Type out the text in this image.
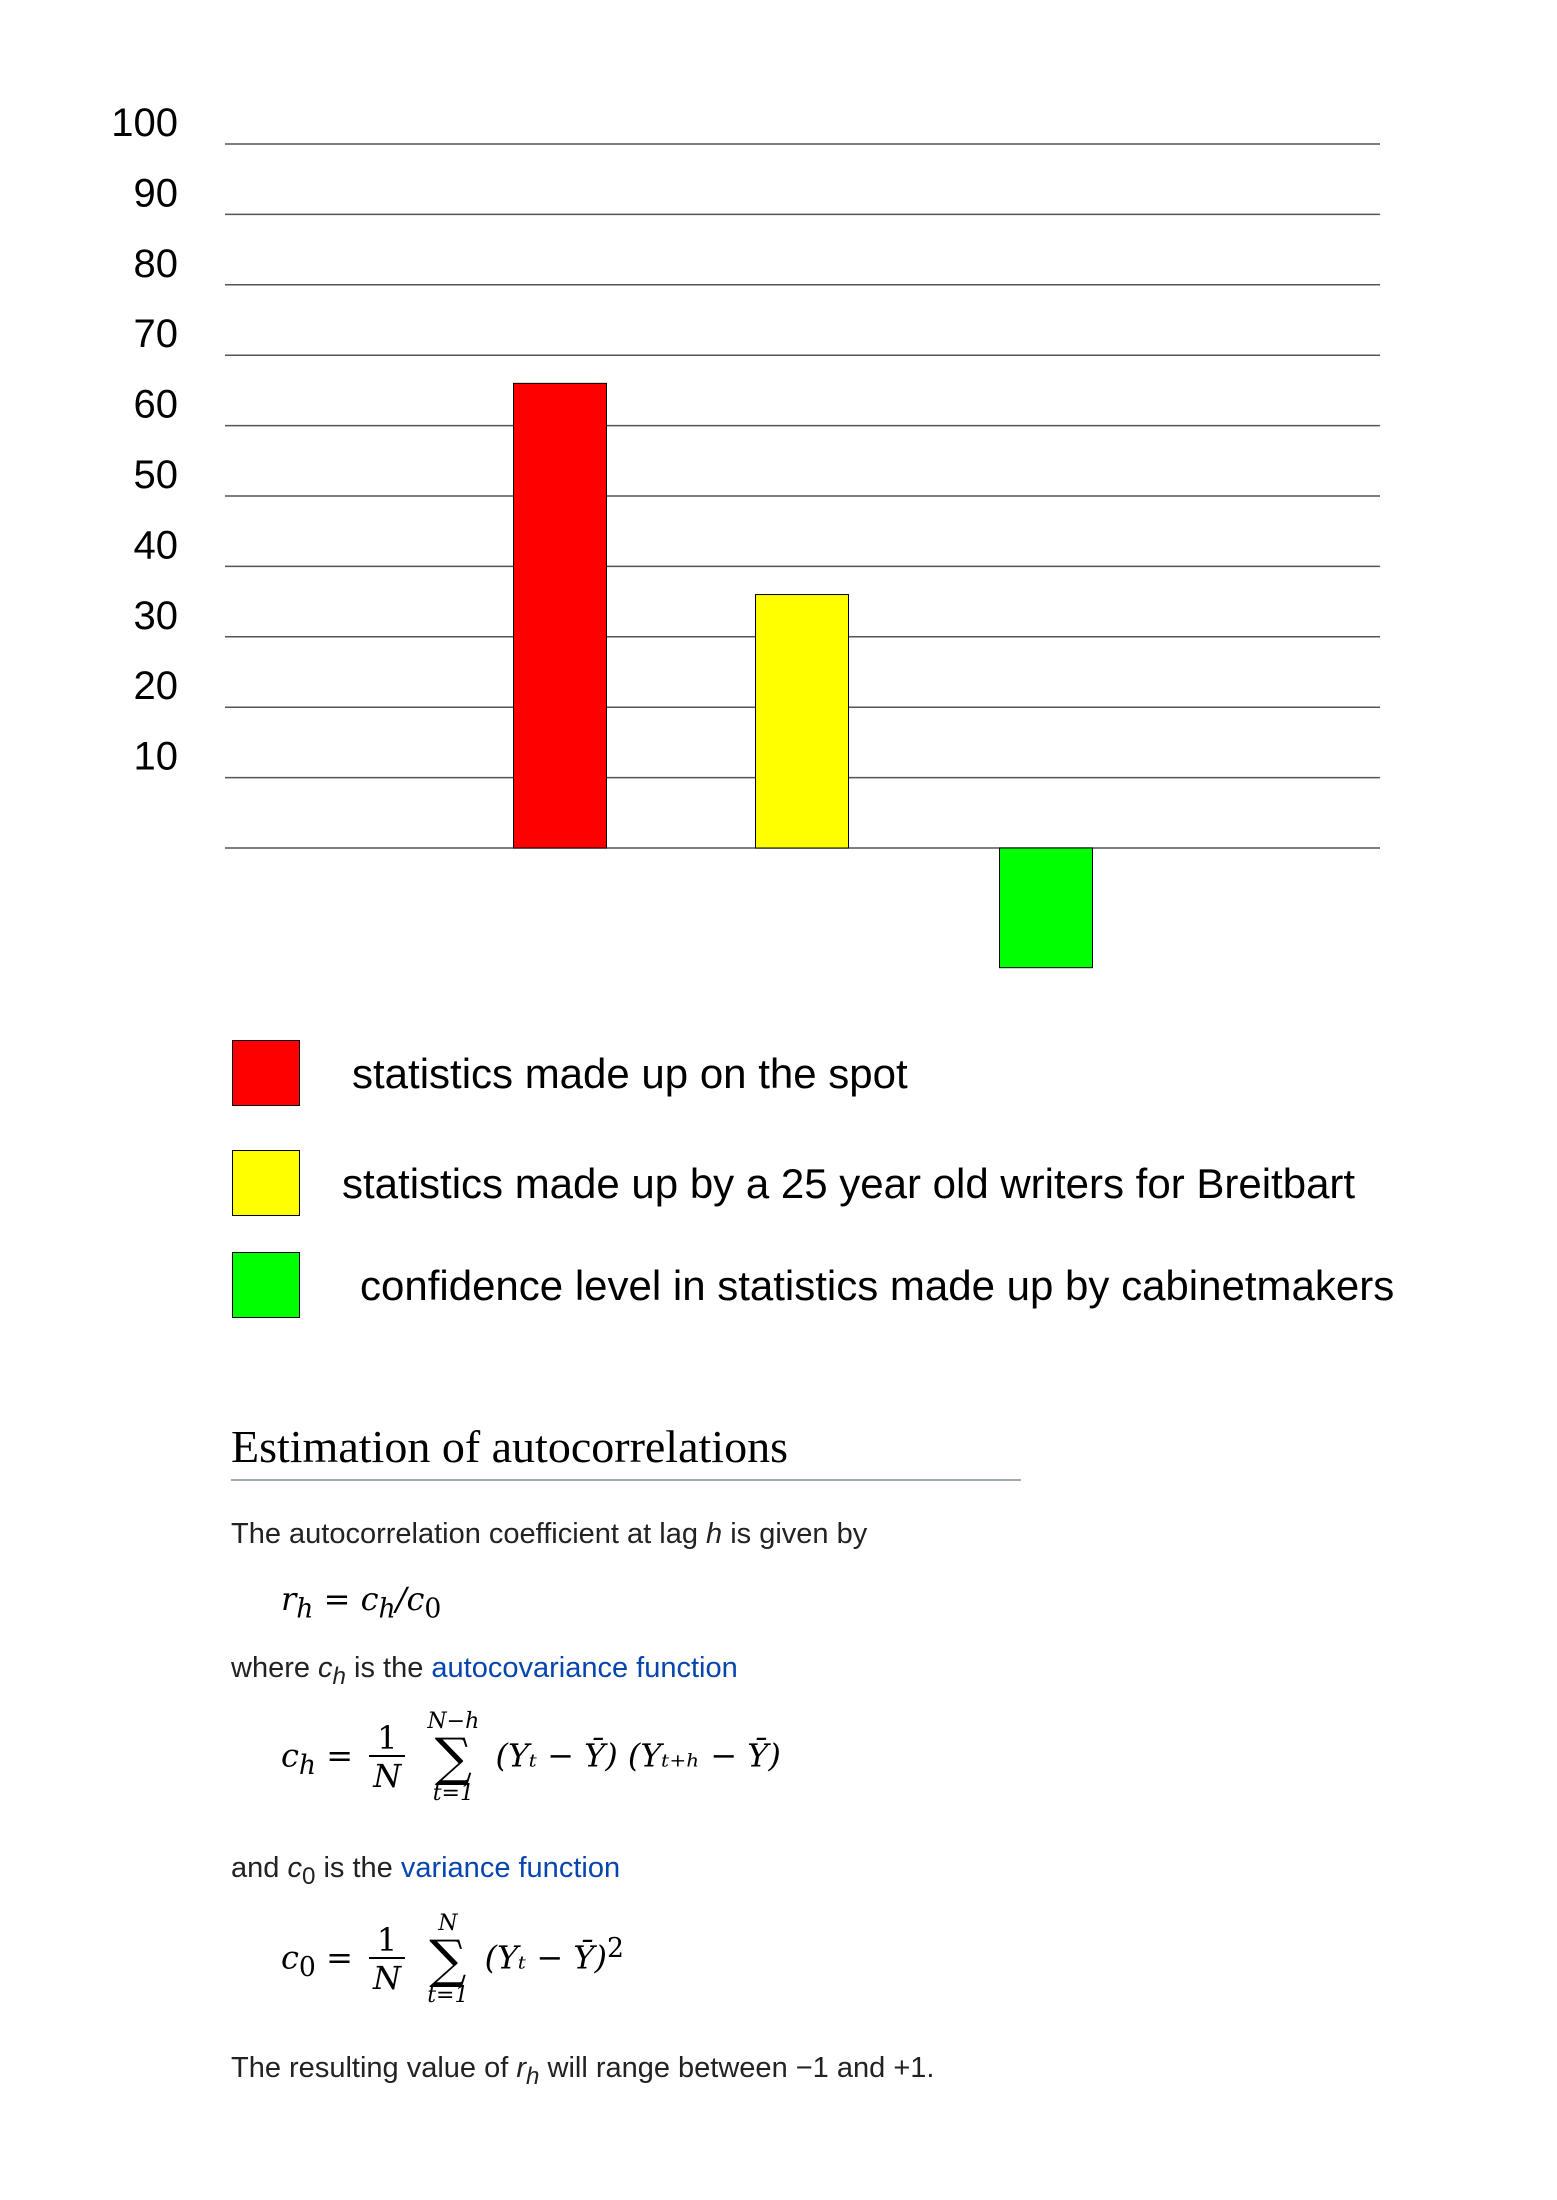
10
20
30
40
50
60
70
80
90
100
statistics made up on the spot
statistics made up by a 25 year old writers for Breitbart
confidence level in statistics made up by cabinetmakers
Estimation of autocorrelations
The autocorrelation coefficient at lag h is given by
$r_h = c_h/c_0$
where $c_h$ is the autocovariance function
$c_h = \frac{1}{N}$
N−h
∑
t=1
(Yₜ − Ȳ) (Yₜ₊ₕ − Ȳ)
and $c_0$ is the variance function
$c_0 = \frac{1}{N}$
	N
∑
t=1
(Yₜ − Ȳ)$^2$
The resulting value of $r_h$ will range between −1 and +1.
